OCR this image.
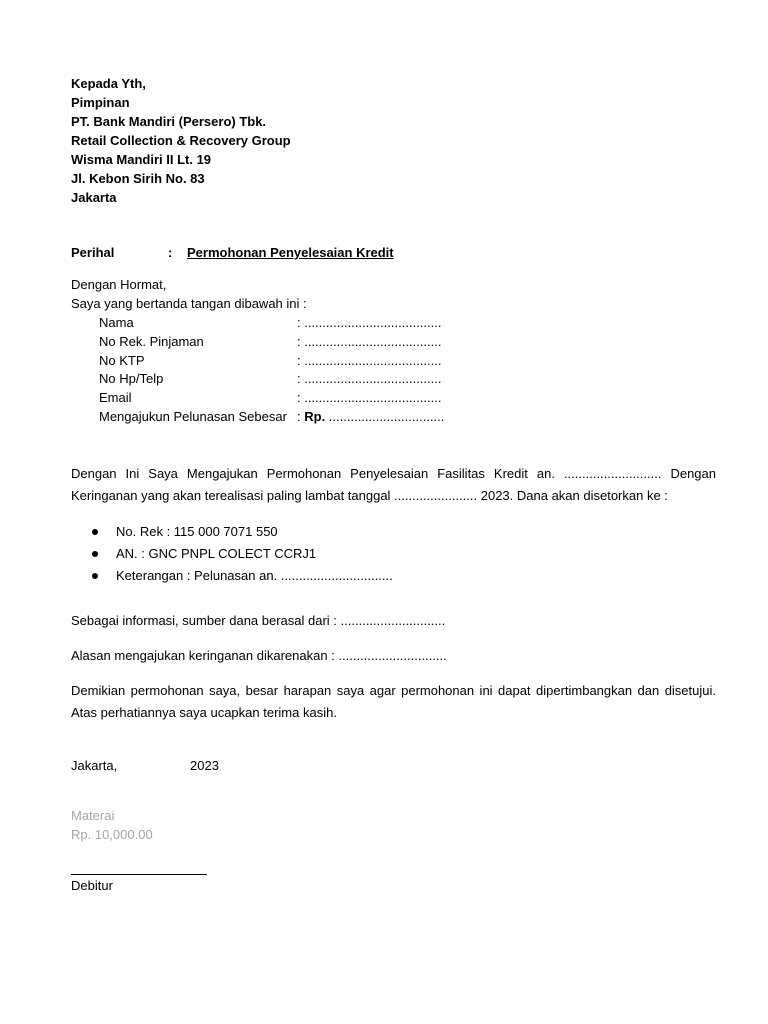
Kepada Yth,
Pimpinan
PT. Bank Mandiri (Persero) Tbk.
Retail Collection & Recovery Group
Wisma Mandiri II Lt. 19
Jl. Kebon Sirih No. 83
Jakarta
Perihal	: Permohonan Penyelesaian Kredit
Dengan Hormat,
Saya yang bertanda tangan dibawah ini :
Nama	: ......................................
No Rek. Pinjaman	: ......................................
No KTP	: ......................................
No Hp/Telp	: ......................................
Email	: ......................................
Mengajukun Pelunasan Sebesar : Rp. ................................
Dengan Ini Saya Mengajukan Permohonan Penyelesaian Fasilitas Kredit an. ........................... Dengan Keringanan yang akan terealisasi paling lambat tanggal ....................... 2023. Dana akan disetorkan ke :
No. Rek : 115 000 7071 550
AN. : GNC PNPL COLECT CCRJ1
Keterangan : Pelunasan an. ...............................
Sebagai informasi, sumber dana berasal dari : .............................
Alasan mengajukan keringanan dikarenakan : ..............................
Demikian permohonan saya, besar harapan saya agar permohonan ini dapat dipertimbangkan dan disetujui. Atas perhatiannya saya ucapkan terima kasih.
Jakarta,	2023
Materai
Rp. 10,000.00
Debitur
